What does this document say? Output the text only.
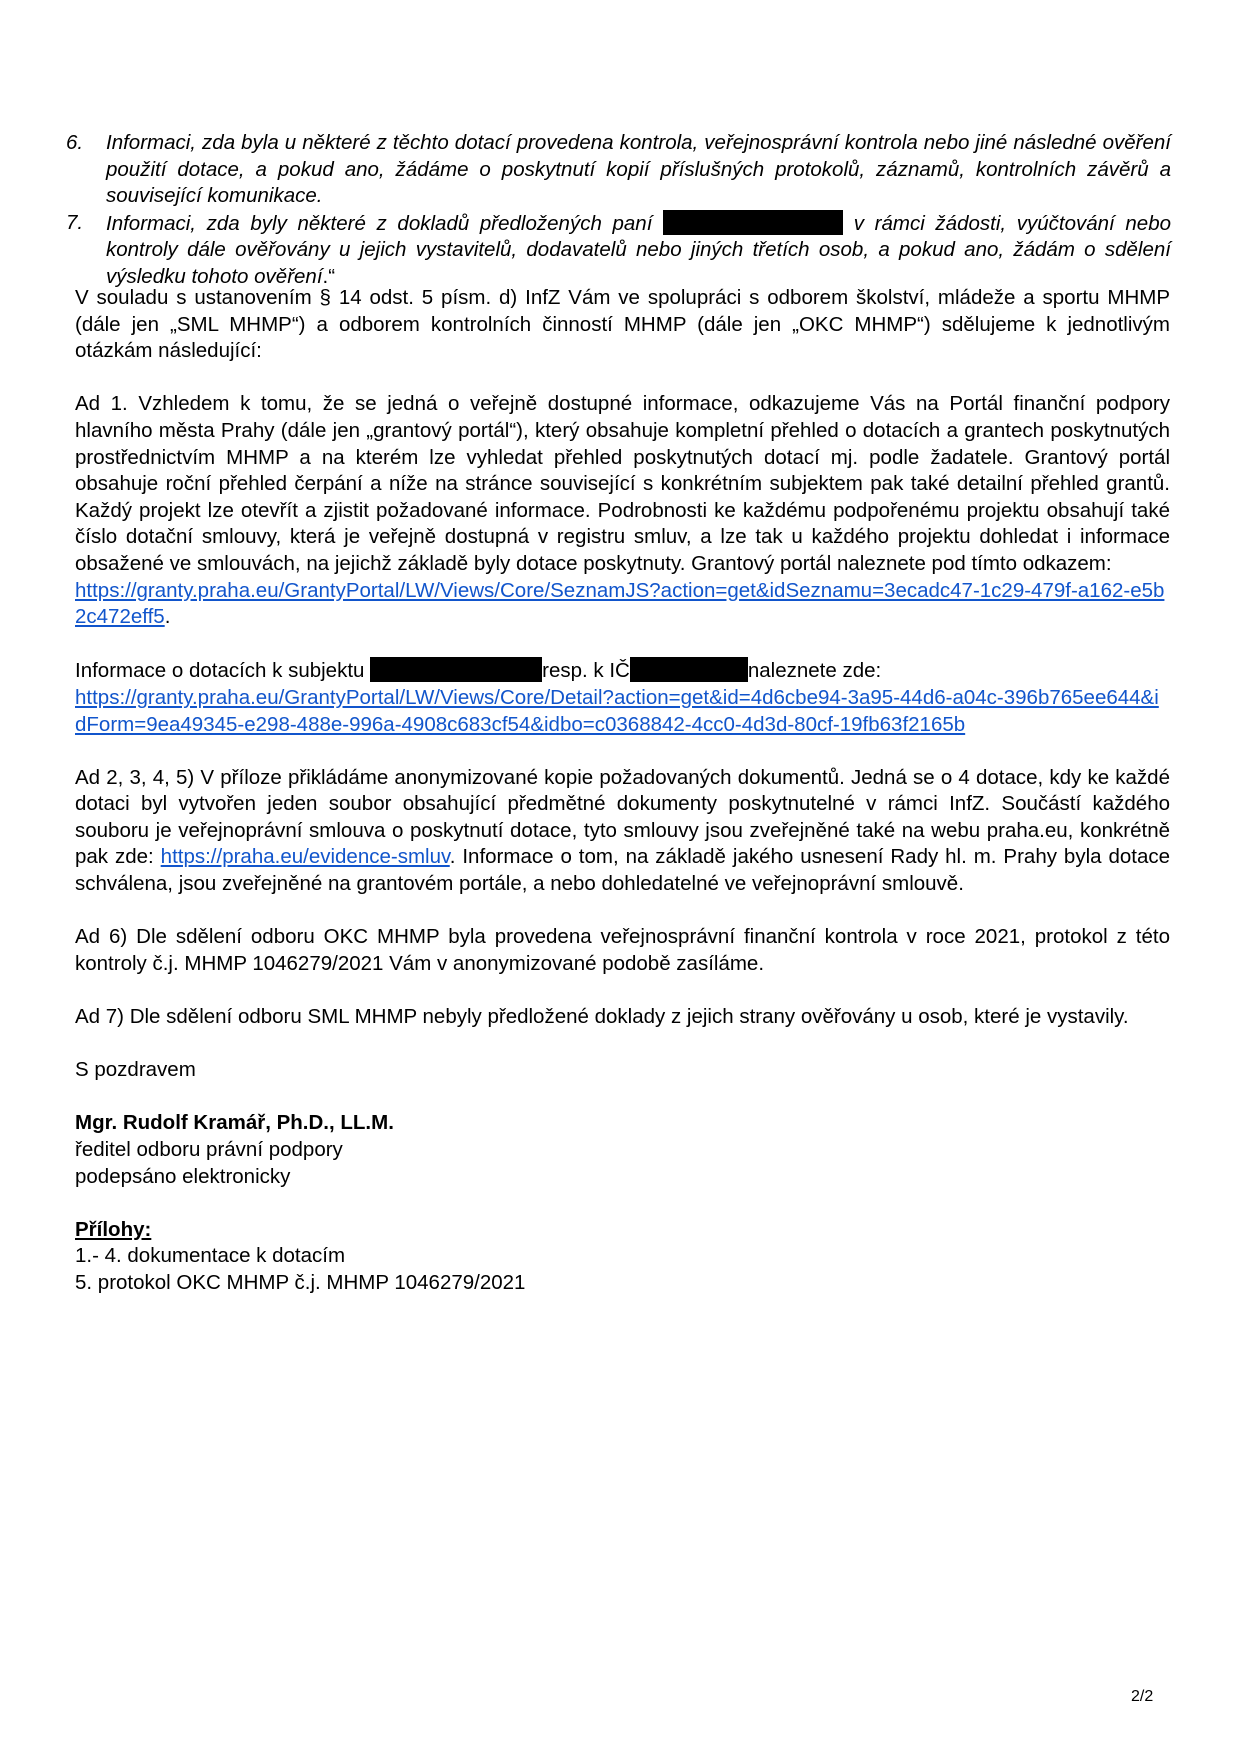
6. Informaci, zda byla u některé z těchto dotací provedena kontrola, veřejnosprávní kontrola nebo jiné následné ověření použití dotace, a pokud ano, žádáme o poskytnutí kopií příslušných protokolů, záznamů, kontrolních závěrů a související komunikace.
7. Informaci, zda byly některé z dokladů předložených paní	v rámci žádosti, vyúčtování nebo kontroly dále ověřovány u jejich vystavitelů, dodavatelů nebo jiných třetích osob, a pokud ano, žádám o sdělení výsledku tohoto ověření.“

V souladu s ustanovením § 14 odst. 5 písm. d) InfZ Vám ve spolupráci s odborem školství, mládeže a sportu MHMP (dále jen „SML MHMP“) a odborem kontrolních činností MHMP (dále jen „OKC MHMP“) sdělujeme k jednotlivým otázkám následující:

Ad 1. Vzhledem k tomu, že se jedná o veřejně dostupné informace, odkazujeme Vás na Portál finanční podpory hlavního města Prahy (dále jen „grantový portál“), který obsahuje kompletní přehled o dotacích a grantech poskytnutých prostřednictvím MHMP a na kterém lze vyhledat přehled poskytnutých dotací mj. podle žadatele. Grantový portál obsahuje roční přehled čerpání a níže na stránce související s konkrétním subjektem pak také detailní přehled grantů. Každý projekt lze otevřít a zjistit požadované informace. Podrobnosti ke každému podpořenému projektu obsahují také číslo dotační smlouvy, která je veřejně dostupná v registru smluv, a lze tak u každého projektu dohledat i informace obsažené ve smlouvách, na jejichž základě byly dotace poskytnuty. Grantový portál naleznete pod tímto odkazem:
https://granty.praha.eu/GrantyPortal/LW/Views/Core/SeznamJS?action=get&idSeznamu=3ecadc47-1c29-479f-a162-e5b2c472eff5.

Informace o dotacích k subjektu	resp. k IČ	naleznete zde:
https://granty.praha.eu/GrantyPortal/LW/Views/Core/Detail?action=get&id=4d6cbe94-3a95-44d6-a04c-396b765ee644&idForm=9ea49345-e298-488e-996a-4908c683cf54&idbo=c0368842-4cc0-4d3d-80cf-19fb63f2165b

Ad 2, 3, 4, 5) V příloze přikládáme anonymizované kopie požadovaných dokumentů. Jedná se o 4 dotace, kdy ke každé dotaci byl vytvořen jeden soubor obsahující předmětné dokumenty poskytnutelné v rámci InfZ. Součástí každého souboru je veřejnoprávní smlouva o poskytnutí dotace, tyto smlouvy jsou zveřejněné také na webu praha.eu, konkrétně pak zde: https://praha.eu/evidence-smluv. Informace o tom, na základě jakého usnesení Rady hl. m. Prahy byla dotace schválena, jsou zveřejněné na grantovém portále, a nebo dohledatelné ve veřejnoprávní smlouvě.

Ad 6) Dle sdělení odboru OKC MHMP byla provedena veřejnosprávní finanční kontrola v roce 2021, protokol z této kontroly č.j. MHMP 1046279/2021 Vám v anonymizované podobě zasíláme.

Ad 7) Dle sdělení odboru SML MHMP nebyly předložené doklady z jejich strany ověřovány u osob, které je vystavily.

S pozdravem

Mgr. Rudolf Kramář, Ph.D., LL.M.
ředitel odboru právní podpory
podepsáno elektronicky
Přílohy:
1.- 4. dokumentace k dotacím
5. protokol OKC MHMP č.j. MHMP 1046279/2021
2/2
